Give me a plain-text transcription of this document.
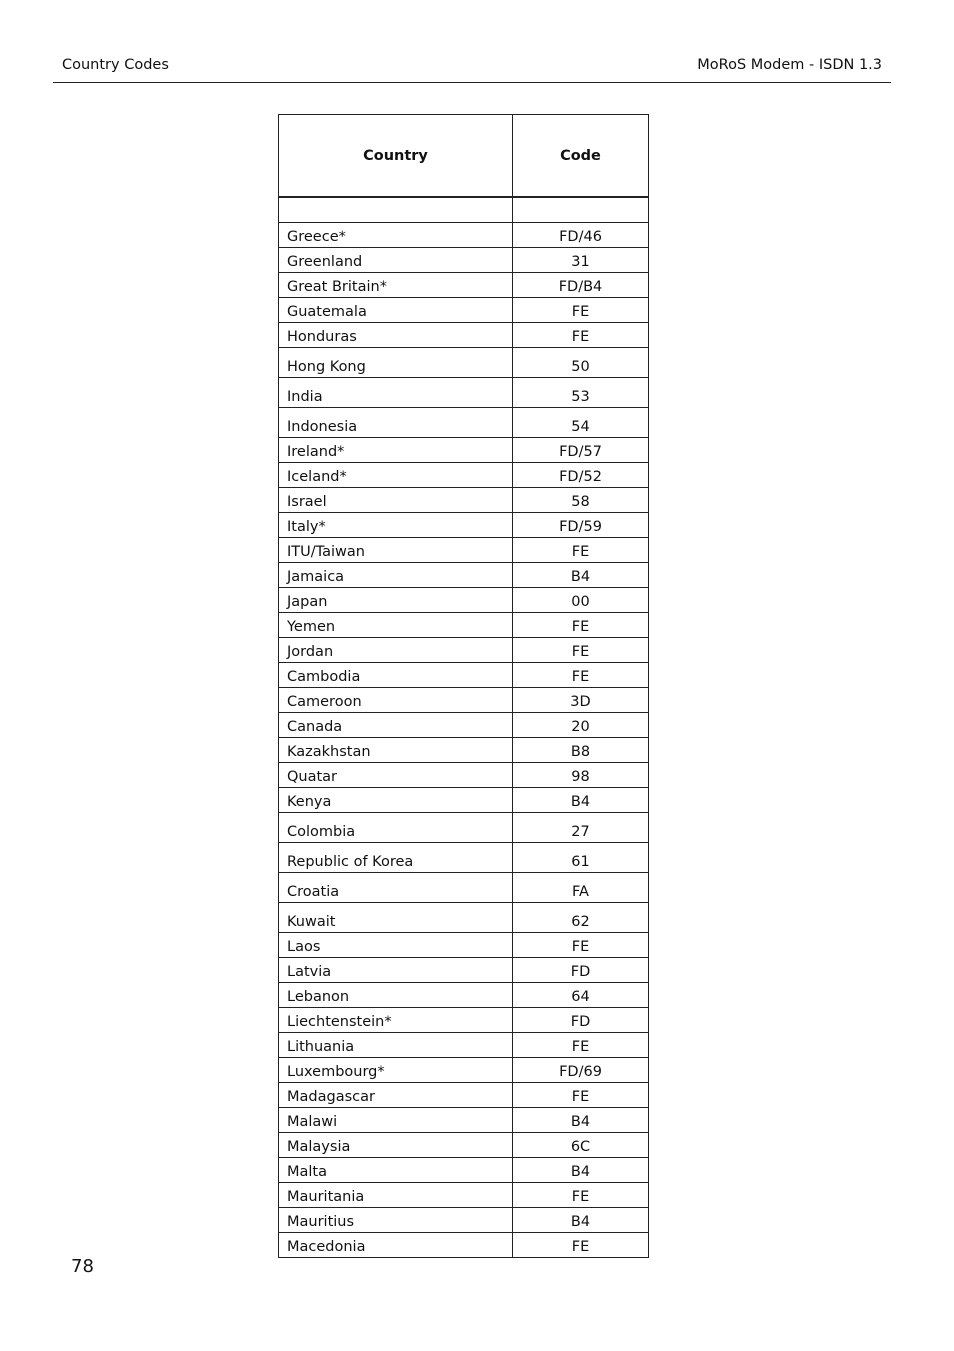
Country Codes	MoRoS Modem - ISDN 1.3
Country	Code

Greece*	FD/46
Greenland	31
Great Britain*	FD/B4
Guatemala	FE
Honduras	FE
Hong Kong	50
India	53
Indonesia	54
Ireland*	FD/57
Iceland*	FD/52
Israel	58
Italy*	FD/59
ITU/Taiwan	FE
Jamaica	B4
Japan	00
Yemen	FE
Jordan	FE
Cambodia	FE
Cameroon	3D
Canada	20
Kazakhstan	B8
Quatar	98
Kenya	B4
Colombia	27
Republic of Korea	61
Croatia	FA
Kuwait	62
Laos	FE
Latvia	FD
Lebanon	64
Liechtenstein*	FD
Lithuania	FE
Luxembourg*	FD/69
Madagascar	FE
Malawi	B4
Malaysia	6C
Malta	B4
Mauritania	FE
Mauritius	B4
Macedonia	FE
78
